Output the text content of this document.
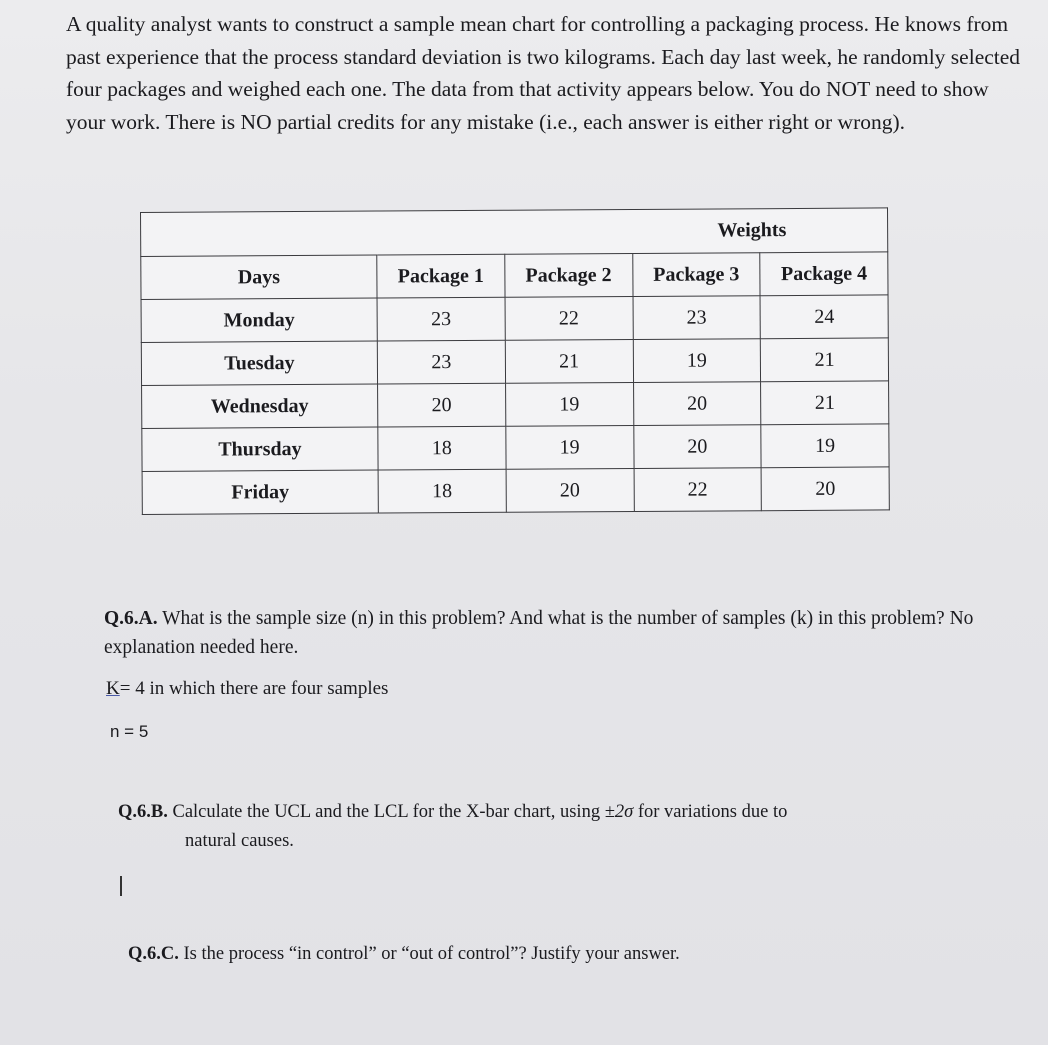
A quality analyst wants to construct a sample mean chart for controlling a packaging process. He knows from past experience that the process standard deviation is two kilograms. Each day last week, he randomly selected four packages and weighed each one. The data from that activity appears below. You do NOT need to show your work. There is NO partial credits for any mistake (i.e., each answer is either right or wrong).
	Weights			
Days	Package 1	Package 2	Package 3	Package 4
Monday	23	22	23	24
Tuesday	23	21	19	21
Wednesday	20	19	20	21
Thursday	18	19	20	19
Friday	18	20	22	20
Q.6.A. What is the sample size (n) in this problem? And what is the number of samples (k) in this problem? No explanation needed here.
K= 4 in which there are four samples
n = 5
Q.6.B. Calculate the UCL and the LCL for the X-bar chart, using ±2σ for variations due to
natural causes.
Q.6.C. Is the process “in control” or “out of control”? Justify your answer.
